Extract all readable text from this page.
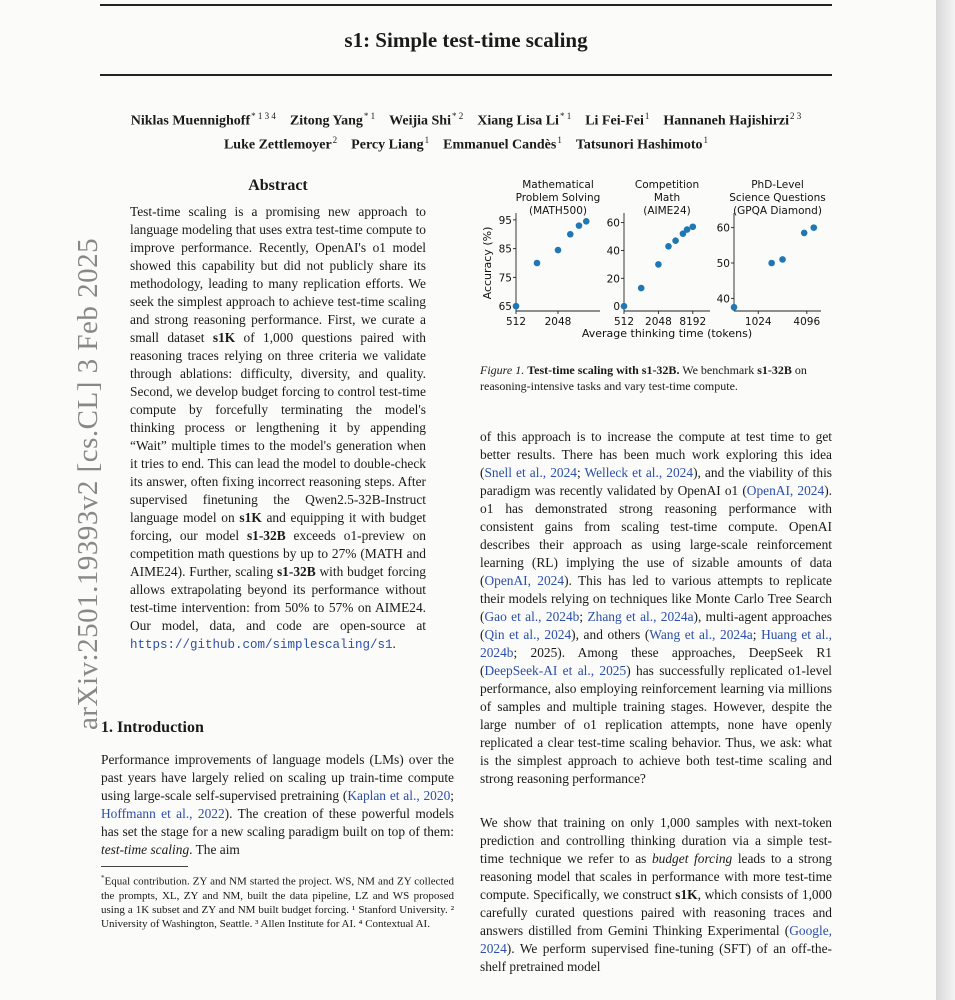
s1: Simple test-time scaling
Niklas Muennighoff$^{* 1 3 4}$  Zitong Yang$^{* 1}$  Weijia Shi$^{* 2}$  Xiang Lisa Li$^{* 1}$  Li Fei-Fei$^1$  Hannaneh Hajishirzi$^{2 3}$
Luke Zettlemoyer$^2$  Percy Liang$^1$  Emmanuel Candès$^1$  Tatsunori Hashimoto$^1$
arXiv:2501.19393v2 [cs.CL] 3 Feb 2025
Abstract

Test-time scaling is a promising new approach to language modeling that uses extra test-time compute to improve performance. Recently, OpenAI's o1 model showed this capability but did not publicly share its methodology, leading to many replication efforts. We seek the simplest approach to achieve test-time scaling and strong reasoning performance. First, we curate a small dataset s1K of 1,000 questions paired with reasoning traces relying on three criteria we validate through ablations: difficulty, diversity, and quality. Second, we develop budget forcing to control test-time compute by forcefully terminating the model's thinking process or lengthening it by appending “Wait” multiple times to the model's generation when it tries to end. This can lead the model to double-check its answer, often fixing incorrect reasoning steps. After supervised finetuning the Qwen2.5-32B-Instruct language model on s1K and equipping it with budget forcing, our model s1-32B exceeds o1-preview on competition math questions by up to 27% (MATH and AIME24). Further, scaling s1-32B with budget forcing allows extrapolating beyond its performance without test-time intervention: from 50% to 57% on AIME24. Our model, data, and code are open-source at https://github.com/simplescaling/s1.

1. Introduction
Performance improvements of language models (LMs) over the past years have largely relied on scaling up train-time compute using large-scale self-supervised pretraining (Kaplan et al., 2020; Hoffmann et al., 2022). The creation of these powerful models has set the stage for a new scaling paradigm built on top of them: test-time scaling. The aim
*Equal contribution. ZY and NM started the project. WS, NM and ZY collected the prompts, XL, ZY and NM, built the data pipeline, LZ and WS proposed using a 1K subset and ZY and NM built budget forcing. ¹ Stanford University. ² University of Washington, Seattle. ³ Allen Institute for AI. ⁴ Contextual AI.
Mathematical
Problem Solving
(MATH500)
65
75
85
95
512 2048
Accuracy (%)
Competition
Math
(AIME24)
0
20
40
60
512 2048 8192
PhD-Level
Science Questions
(GPQA Diamond)
40
50
60
1024 4096
Average thinking time (tokens)
Figure 1. Test-time scaling with s1-32B. We benchmark s1-32B on reasoning-intensive tasks and vary test-time compute.

of this approach is to increase the compute at test time to get better results. There has been much work exploring this idea (Snell et al., 2024; Welleck et al., 2024), and the viability of this paradigm was recently validated by OpenAI o1 (OpenAI, 2024). o1 has demonstrated strong reasoning performance with consistent gains from scaling test-time compute. OpenAI describes their approach as using large-scale reinforcement learning (RL) implying the use of sizable amounts of data (OpenAI, 2024). This has led to various attempts to replicate their models relying on techniques like Monte Carlo Tree Search (Gao et al., 2024b; Zhang et al., 2024a), multi-agent approaches (Qin et al., 2024), and others (Wang et al., 2024a; Huang et al., 2024b; 2025). Among these approaches, DeepSeek R1 (DeepSeek-AI et al., 2025) has successfully replicated o1-level performance, also employing reinforcement learning via millions of samples and multiple training stages. However, despite the large number of o1 replication attempts, none have openly replicated a clear test-time scaling behavior. Thus, we ask: what is the simplest approach to achieve both test-time scaling and strong reasoning performance?

We show that training on only 1,000 samples with next-token prediction and controlling thinking duration via a simple test-time technique we refer to as budget forcing leads to a strong reasoning model that scales in performance with more test-time compute. Specifically, we construct s1K, which consists of 1,000 carefully curated questions paired with reasoning traces and answers distilled from Gemini Thinking Experimental (Google, 2024). We perform supervised fine-tuning (SFT) of an off-the-shelf pretrained model
